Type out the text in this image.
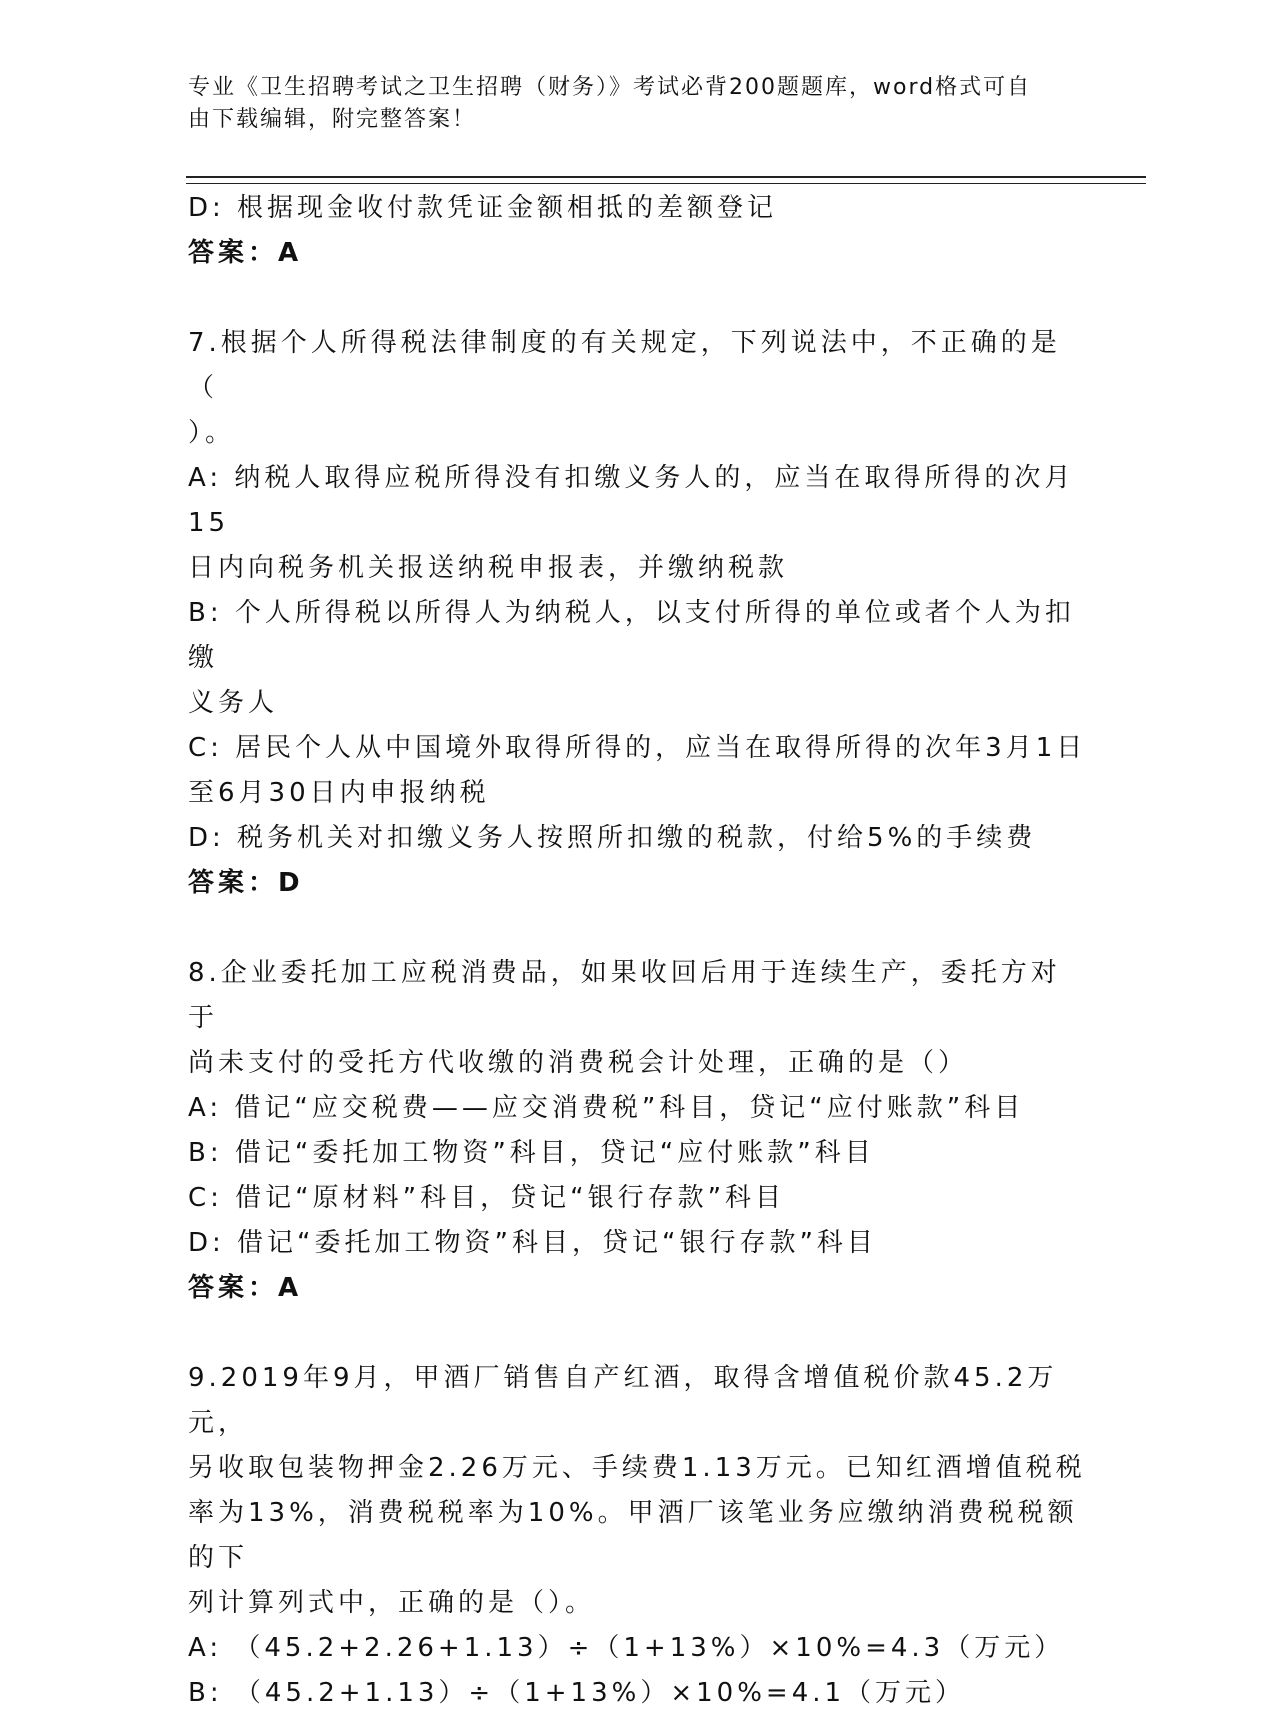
专业《卫生招聘考试之卫生招聘（财务）》考试必背200题题库，word格式可自
由下载编辑，附完整答案！

D: 根据现金收付款凭证金额相抵的差额登记

答案：A

7.根据个人所得税法律制度的有关规定，下列说法中，不正确的是（

）。

A: 纳税人取得应税所得没有扣缴义务人的，应当在取得所得的次月15

日内向税务机关报送纳税申报表，并缴纳税款

B: 个人所得税以所得人为纳税人，以支付所得的单位或者个人为扣缴

义务人

C: 居民个人从中国境外取得所得的，应当在取得所得的次年3月1日

至6月30日内申报纳税

D: 税务机关对扣缴义务人按照所扣缴的税款，付给5%的手续费

答案：D

8.企业委托加工应税消费品，如果收回后用于连续生产，委托方对于

尚未支付的受托方代收缴的消费税会计处理，正确的是（）

A: 借记“应交税费——应交消费税”科目，贷记“应付账款”科目

B: 借记“委托加工物资”科目，贷记“应付账款”科目

C: 借记“原材料”科目，贷记“银行存款”科目

D: 借记“委托加工物资”科目，贷记“银行存款”科目

答案：A

9.2019年9月，甲酒厂销售自产红酒，取得含增值税价款45.2万元，

另收取包装物押金2.26万元、手续费1.13万元。已知红酒增值税税

率为13%，消费税税率为10%。甲酒厂该笔业务应缴纳消费税税额的下

列计算列式中，正确的是（）。

A: （45.2+2.26+1.13）÷（1+13%）×10%=4.3（万元）

B: （45.2+1.13）÷（1+13%）×10%=4.1（万元）
